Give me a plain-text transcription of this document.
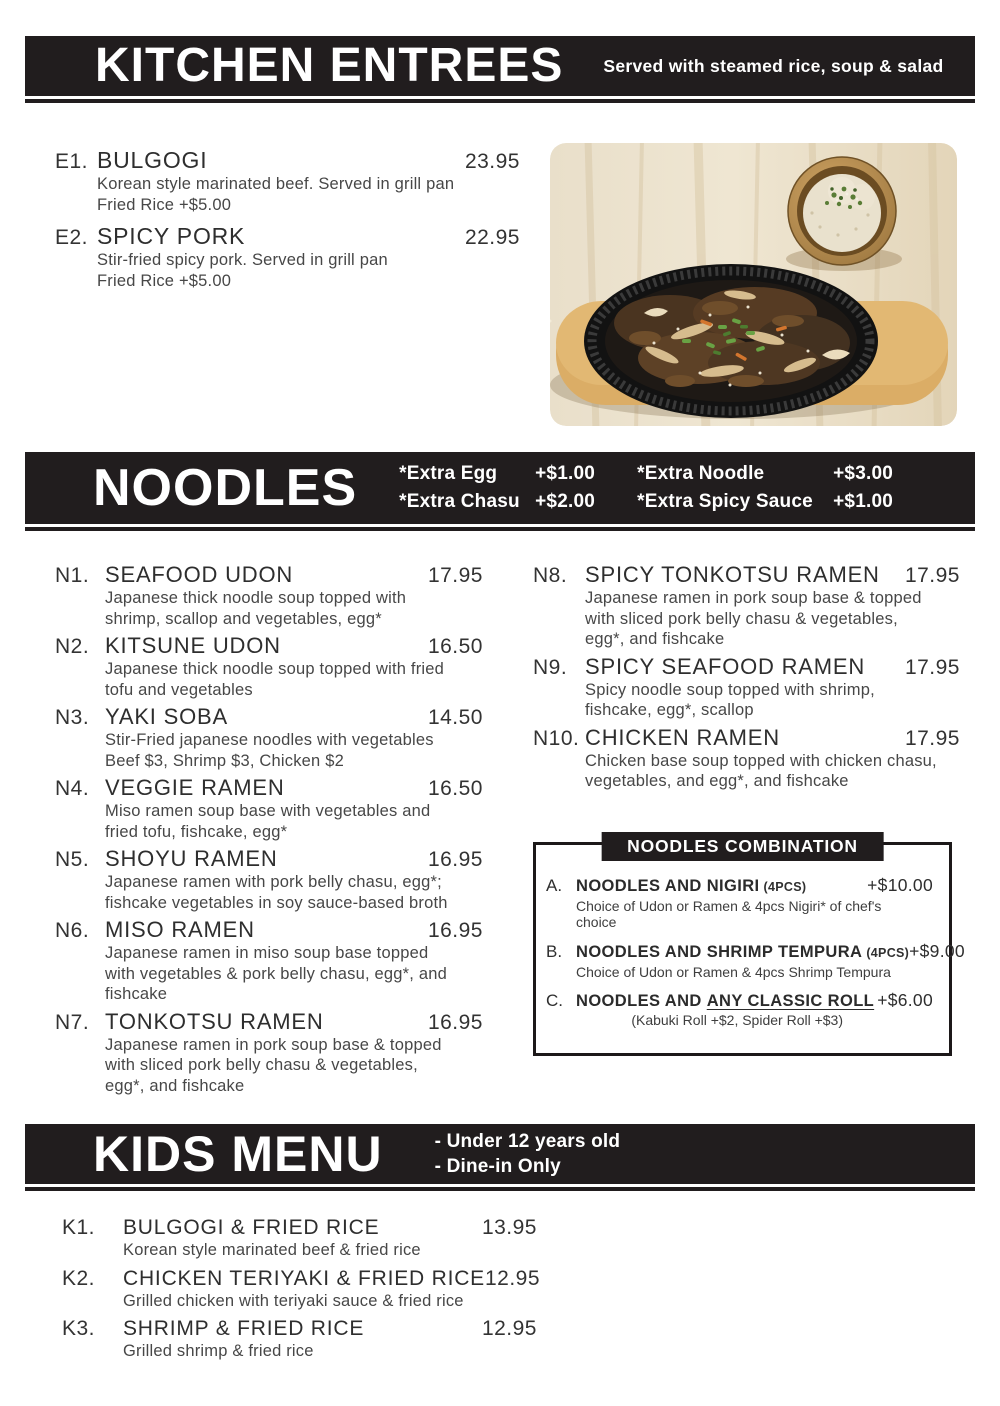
KITCHEN ENTREES Served with steamed rice, soup & salad
E1. BULGOGI	23.95
Korean style marinated beef. Served in grill pan
Fried Rice +$5.00
E2. SPICY PORK	22.95
Stir-fried spicy pork. Served in grill pan
Fried Rice +$5.00
NOODLES *Extra Egg	+$1.00	*Extra Noodle	+$3.00
*Extra Chasu +$2.00	*Extra Spicy Sauce	+$1.00
N1. SEAFOOD UDON	17.95
Japanese thick noodle soup topped with
shrimp, scallop and vegetables, egg*
N2. KITSUNE UDON	16.50
Japanese thick noodle soup topped with fried
tofu and vegetables
N3. YAKI SOBA	14.50
Stir-Fried japanese noodles with vegetables
Beef $3, Shrimp $3, Chicken $2
N4. VEGGIE RAMEN	16.50
Miso ramen soup base with vegetables and
fried tofu, fishcake, egg*
N5. SHOYU RAMEN	16.95
Japanese ramen with pork belly chasu, egg*;
fishcake vegetables in soy sauce-based broth
N6. MISO RAMEN	16.95
Japanese ramen in miso soup base topped
with vegetables & pork belly chasu, egg*, and
fishcake
N7. TONKOTSU RAMEN	16.95
Japanese ramen in pork soup base & topped
with sliced pork belly chasu & vegetables,
egg*, and fishcake
N8. SPICY TONKOTSU RAMEN 17.95
Japanese ramen in pork soup base & topped
with sliced pork belly chasu & vegetables,
egg*, and fishcake
N9. SPICY SEAFOOD RAMEN 17.95
Spicy noodle soup topped with shrimp,
fishcake, egg*, scallop
N10. CHICKEN RAMEN	17.95
Chicken base soup topped with chicken chasu,
vegetables, and egg*, and fishcake
NOODLES COMBINATION
A. NOODLES AND NIGIRI (4PCS)	+$10.00
Choice of Udon or Ramen & 4pcs Nigiri* of chef's
choice
B. NOODLES AND SHRIMP TEMPURA (4PCS) +$9.00
Choice of Udon or Ramen & 4pcs Shrimp Tempura
C. NOODLES AND ANY CLASSIC ROLL +$6.00
(Kabuki Roll +$2, Spider Roll +$3)
KIDS MENU	- Under 12 years old
- Dine-in Only
K1.	BULGOGI & FRIED RICE	13.95
Korean style marinated beef & fried rice
K2.	CHICKEN TERIYAKI & FRIED RICE 12.95
Grilled chicken with teriyaki sauce & fried rice
K3.	SHRIMP & FRIED RICE	12.95
Grilled shrimp & fried rice
